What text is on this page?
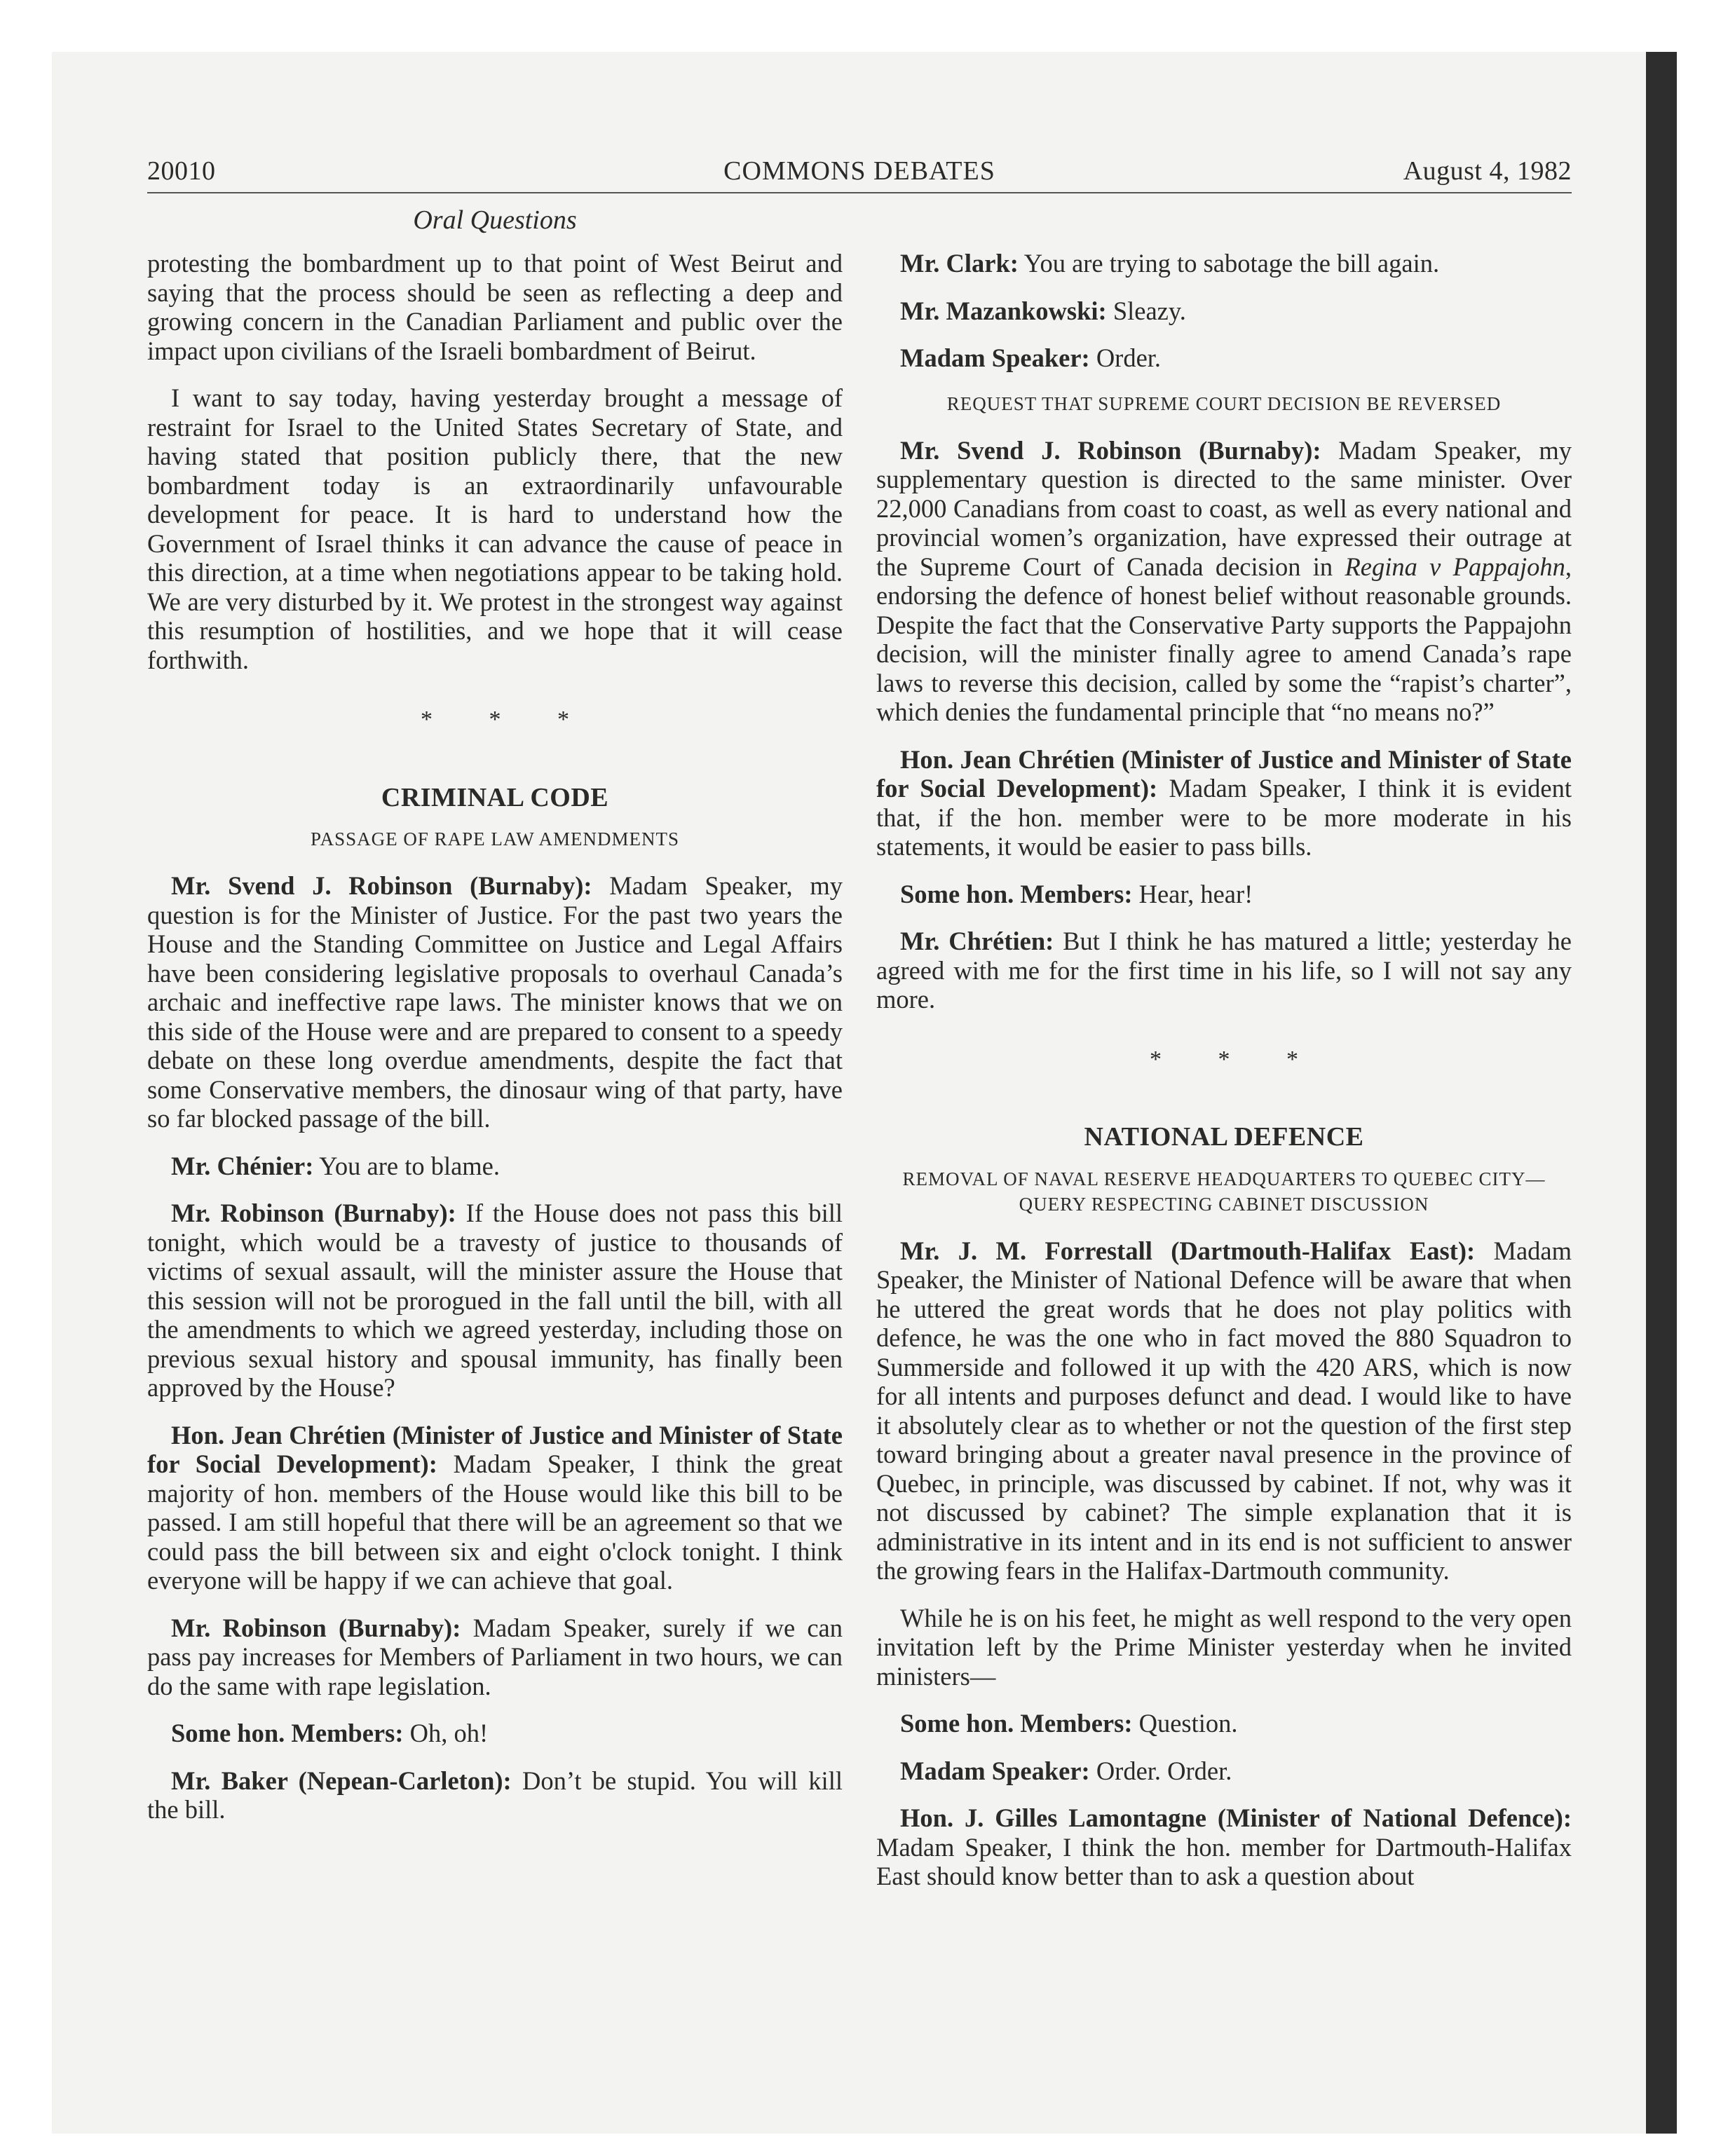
20010	COMMONS DEBATES	August 4, 1982
Oral Questions

protesting the bombardment up to that point of West Beirut and saying that the process should be seen as reflecting a deep and growing concern in the Canadian Parliament and public over the impact upon civilians of the Israeli bombardment of Beirut.

I want to say today, having yesterday brought a message of restraint for Israel to the United States Secretary of State, and having stated that position publicly there, that the new bombardment today is an extraordinarily unfavourable development for peace. It is hard to understand how the Government of Israel thinks it can advance the cause of peace in this direction, at a time when negotiations appear to be taking hold. We are very disturbed by it. We protest in the strongest way against this resumption of hostilities, and we hope that it will cease forthwith.

* * *
CRIMINAL CODE
PASSAGE OF RAPE LAW AMENDMENTS

Mr. Svend J. Robinson (Burnaby): Madam Speaker, my question is for the Minister of Justice. For the past two years the House and the Standing Committee on Justice and Legal Affairs have been considering legislative proposals to overhaul Canada’s archaic and ineffective rape laws. The minister knows that we on this side of the House were and are prepared to consent to a speedy debate on these long overdue amendments, despite the fact that some Conservative members, the dinosaur wing of that party, have so far blocked passage of the bill.

Mr. Chénier: You are to blame.

Mr. Robinson (Burnaby): If the House does not pass this bill tonight, which would be a travesty of justice to thousands of victims of sexual assault, will the minister assure the House that this session will not be prorogued in the fall until the bill, with all the amendments to which we agreed yesterday, including those on previous sexual history and spousal immunity, has finally been approved by the House?

Hon. Jean Chrétien (Minister of Justice and Minister of State for Social Development): Madam Speaker, I think the great majority of hon. members of the House would like this bill to be passed. I am still hopeful that there will be an agreement so that we could pass the bill between six and eight o'clock tonight. I think everyone will be happy if we can achieve that goal.

Mr. Robinson (Burnaby): Madam Speaker, surely if we can pass pay increases for Members of Parliament in two hours, we can do the same with rape legislation.

Some hon. Members: Oh, oh!

Mr. Baker (Nepean-Carleton): Don’t be stupid. You will kill the bill.

Mr. Clark: You are trying to sabotage the bill again.

Mr. Mazankowski: Sleazy.

Madam Speaker: Order.

REQUEST THAT SUPREME COURT DECISION BE REVERSED

Mr. Svend J. Robinson (Burnaby): Madam Speaker, my supplementary question is directed to the same minister. Over 22,000 Canadians from coast to coast, as well as every national and provincial women’s organization, have expressed their outrage at the Supreme Court of Canada decision in Regina v Pappajohn, endorsing the defence of honest belief without reasonable grounds. Despite the fact that the Conservative Party supports the Pappajohn decision, will the minister finally agree to amend Canada’s rape laws to reverse this decision, called by some the “rapist’s charter”, which denies the fundamental principle that “no means no?”

Hon. Jean Chrétien (Minister of Justice and Minister of State for Social Development): Madam Speaker, I think it is evident that, if the hon. member were to be more moderate in his statements, it would be easier to pass bills.

Some hon. Members: Hear, hear!

Mr. Chrétien: But I think he has matured a little; yesterday he agreed with me for the first time in his life, so I will not say any more.

* * *
NATIONAL DEFENCE
REMOVAL OF NAVAL RESERVE HEADQUARTERS TO QUEBEC CITY—QUERY RESPECTING CABINET DISCUSSION

Mr. J. M. Forrestall (Dartmouth-Halifax East): Madam Speaker, the Minister of National Defence will be aware that when he uttered the great words that he does not play politics with defence, he was the one who in fact moved the 880 Squadron to Summerside and followed it up with the 420 ARS, which is now for all intents and purposes defunct and dead. I would like to have it absolutely clear as to whether or not the question of the first step toward bringing about a greater naval presence in the province of Quebec, in principle, was discussed by cabinet. If not, why was it not discussed by cabinet? The simple explanation that it is administrative in its intent and in its end is not sufficient to answer the growing fears in the Halifax-Dartmouth community.

While he is on his feet, he might as well respond to the very open invitation left by the Prime Minister yesterday when he invited ministers—

Some hon. Members: Question.

Madam Speaker: Order. Order.

Hon. J. Gilles Lamontagne (Minister of National Defence): Madam Speaker, I think the hon. member for Dartmouth-Halifax East should know better than to ask a question about
